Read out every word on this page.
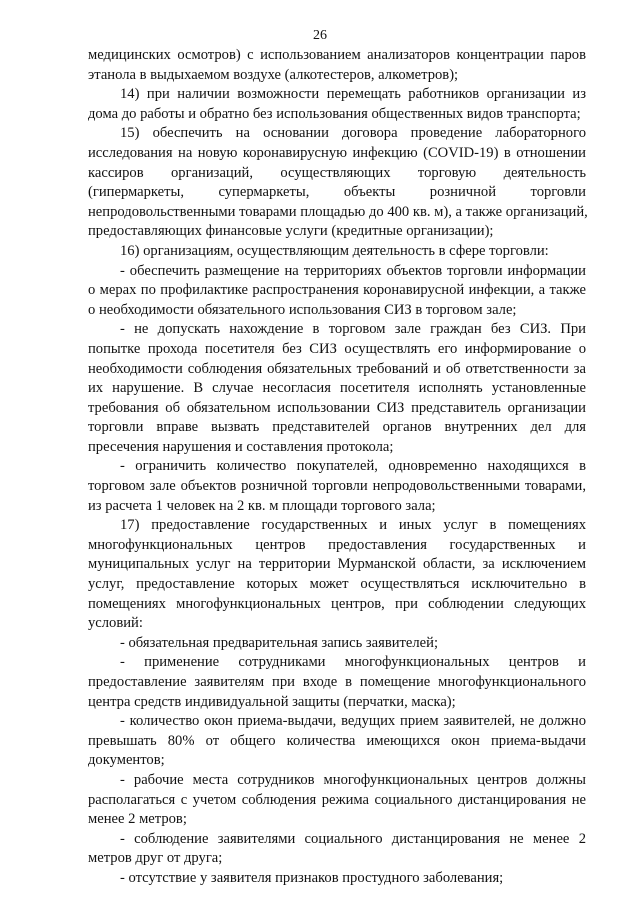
26
медицинских осмотров) с использованием анализаторов концентрации паров
этанола в выдыхаемом воздухе (алкотестеров, алкометров);
14) при наличии возможности перемещать работников организации из
дома до работы и обратно без использования общественных видов транспорта;
15) обеспечить на основании договора проведение лабораторного
исследования на новую коронавирусную инфекцию (COVID-19) в отношении
кассиров организаций, осуществляющих торговую деятельность
(гипермаркеты, супермаркеты, объекты розничной торговли
непродовольственными товарами площадью до 400 кв. м), а также организаций,
предоставляющих финансовые услуги (кредитные организации);
16) организациям, осуществляющим деятельность в сфере торговли:
- обеспечить размещение на территориях объектов торговли информации
о мерах по профилактике распространения коронавирусной инфекции, а также
о необходимости обязательного использования СИЗ в торговом зале;
- не допускать нахождение в торговом зале граждан без СИЗ. При
попытке прохода посетителя без СИЗ осуществлять его информирование о
необходимости соблюдения обязательных требований и об ответственности за
их нарушение. В случае несогласия посетителя исполнять установленные
требования об обязательном использовании СИЗ представитель организации
торговли вправе вызвать представителей органов внутренних дел для
пресечения нарушения и составления протокола;
- ограничить количество покупателей, одновременно находящихся в
торговом зале объектов розничной торговли непродовольственными товарами,
из расчета 1 человек на 2 кв. м площади торгового зала;
17) предоставление государственных и иных услуг в помещениях
многофункциональных центров предоставления государственных и
муниципальных услуг на территории Мурманской области, за исключением
услуг, предоставление которых может осуществляться исключительно в
помещениях многофункциональных центров, при соблюдении следующих
условий:
- обязательная предварительная запись заявителей;
- применение сотрудниками многофункциональных центров и
предоставление заявителям при входе в помещение многофункционального
центра средств индивидуальной защиты (перчатки, маска);
- количество окон приема-выдачи, ведущих прием заявителей, не должно
превышать 80% от общего количества имеющихся окон приема-выдачи
документов;
- рабочие места сотрудников многофункциональных центров должны
располагаться с учетом соблюдения режима социального дистанцирования не
менее 2 метров;
- соблюдение заявителями социального дистанцирования не менее 2
метров друг от друга;
- отсутствие у заявителя признаков простудного заболевания;
